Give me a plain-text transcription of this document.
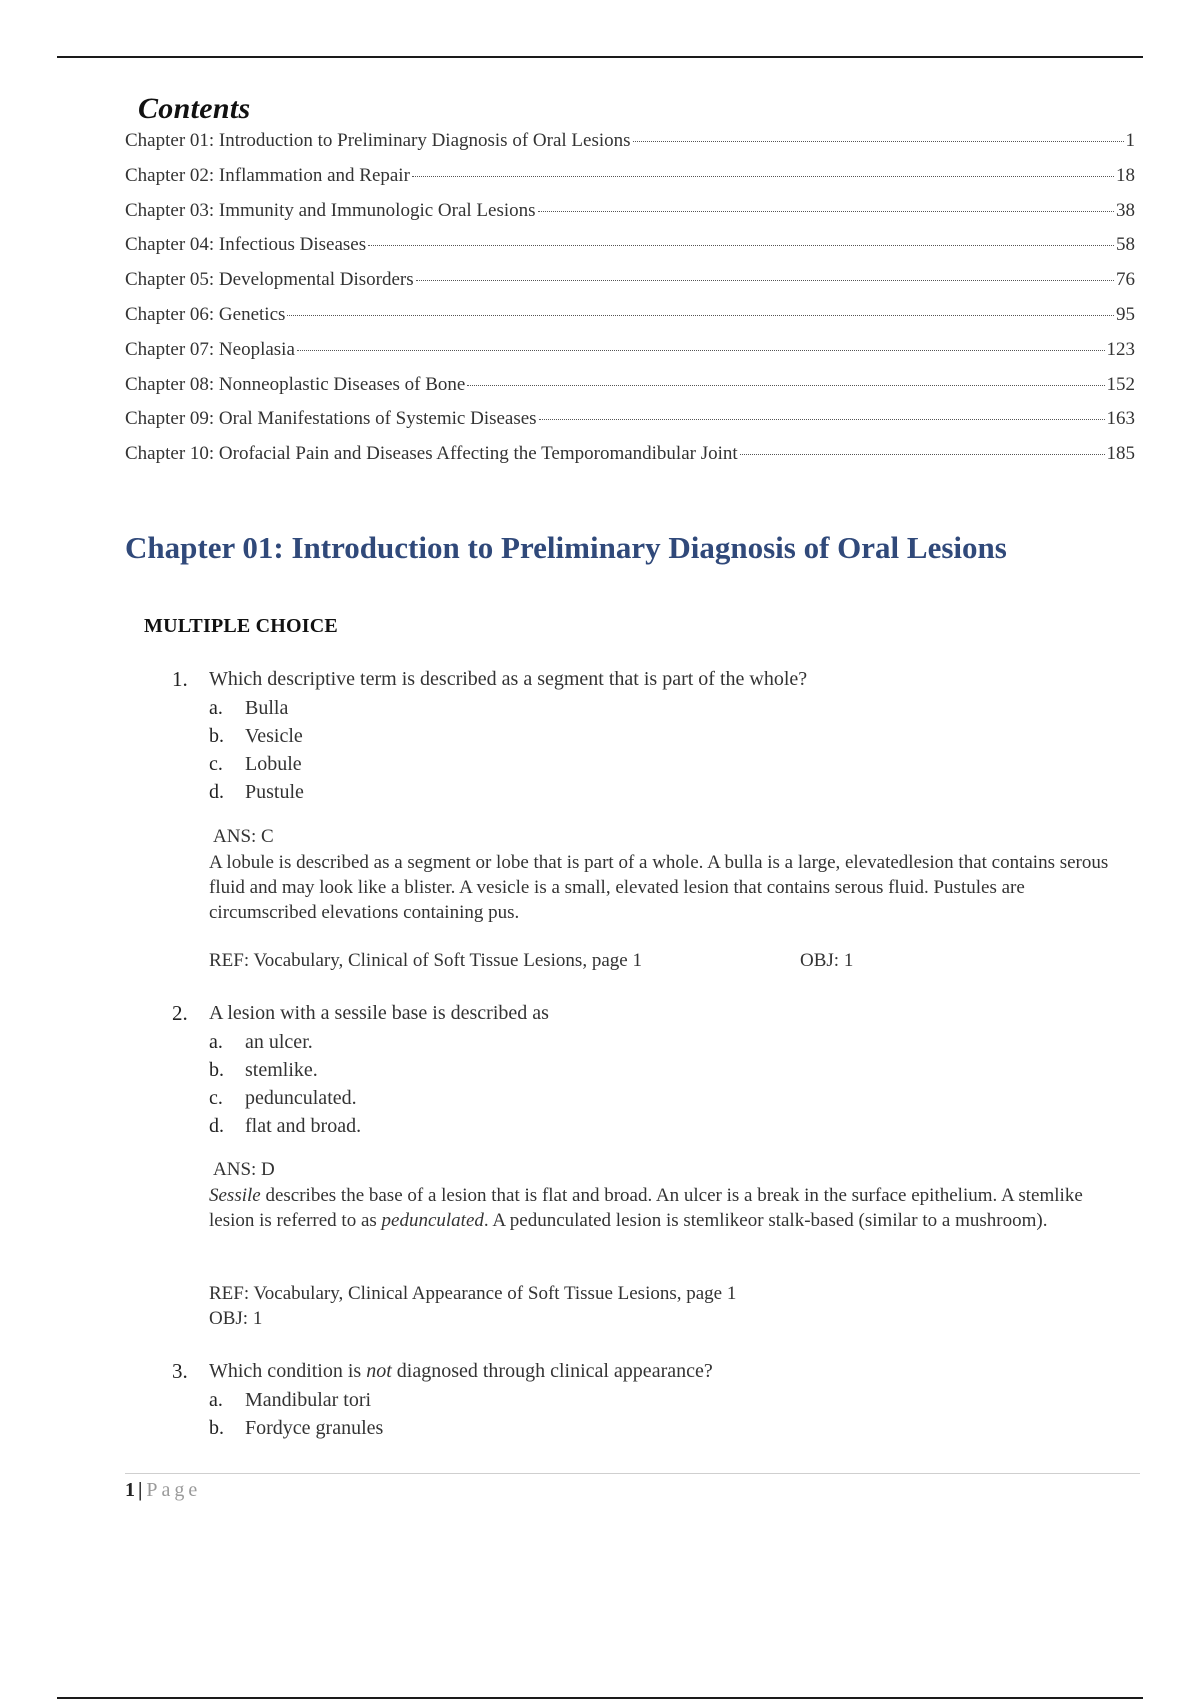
Contents
Chapter 01: Introduction to Preliminary Diagnosis of Oral Lesions	1
Chapter 02: Inflammation and Repair	18
Chapter 03: Immunity and Immunologic Oral Lesions	38
Chapter 04: Infectious Diseases	58
Chapter 05: Developmental Disorders	76
Chapter 06: Genetics	95
Chapter 07: Neoplasia	123
Chapter 08: Nonneoplastic Diseases of Bone	152
Chapter 09: Oral Manifestations of Systemic Diseases	163
Chapter 10: Orofacial Pain and Diseases Affecting the Temporomandibular Joint	185
Chapter 01: Introduction to Preliminary Diagnosis of Oral Lesions
MULTIPLE CHOICE
1. Which descriptive term is described as a segment that is part of the whole?
a. Bulla
b. Vesicle
c. Lobule
d. Pustule
ANS: C
A lobule is described as a segment or lobe that is part of a whole. A bulla is a large, elevatedlesion that contains serous fluid and may look like a blister. A vesicle is a small, elevated lesion that contains serous fluid. Pustules are circumscribed elevations containing pus.
REF: Vocabulary, Clinical of Soft Tissue Lesions, page 1	OBJ: 1
2. A lesion with a sessile base is described as
a. an ulcer.
b. stemlike.
c. pedunculated.
d. flat and broad.
ANS: D
Sessile describes the base of a lesion that is flat and broad. An ulcer is a break in the surface epithelium. A stemlike lesion is referred to as pedunculated. A pedunculated lesion is stemlikeor stalk-based (similar to a mushroom).
REF: Vocabulary, Clinical Appearance of Soft Tissue Lesions, page 1
OBJ: 1
3. Which condition is not diagnosed through clinical appearance?
a. Mandibular tori
b. Fordyce granules
1 | Page
